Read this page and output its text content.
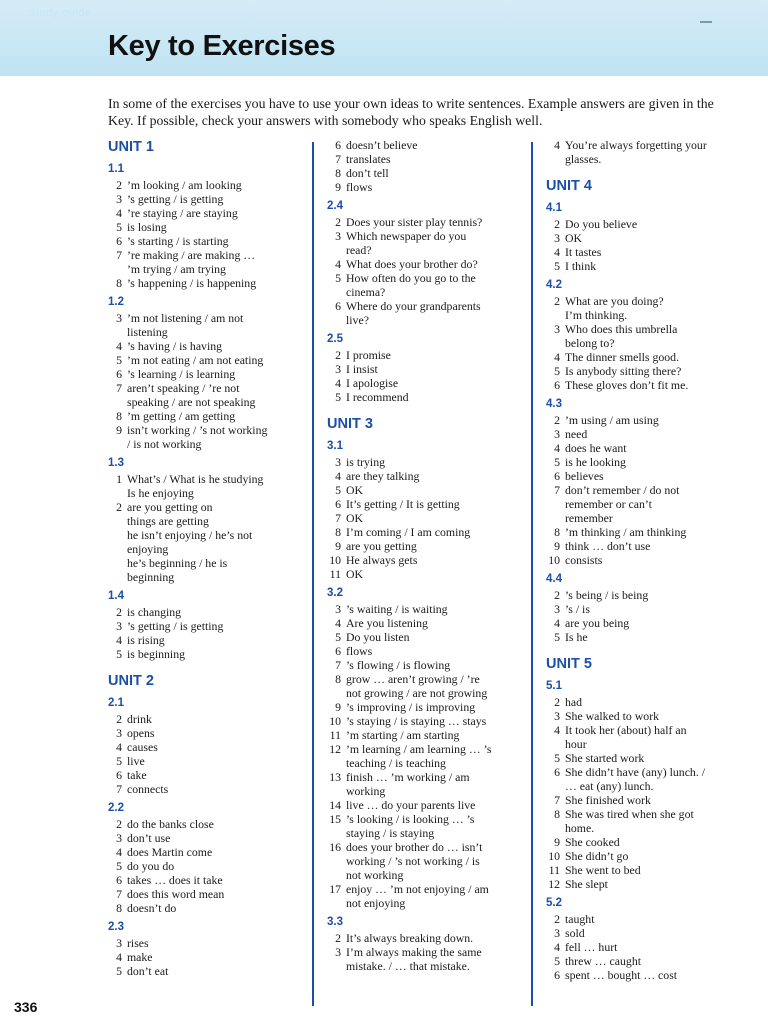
Study guide
Key to Exercises

In some of the exercises you have to use your own ideas to write sentences. Example answers are given in the Key. If possible, check your answers with somebody who speaks English well.

UNIT 1
1.1
2 ’m looking / am looking
3 ’s getting / is getting
4 ’re staying / are staying
5 is losing
6 ’s starting / is starting
7 ’re making / are making …
’m trying / am trying
8 ’s happening / is happening
1.2
3 ’m not listening / am not
listening
4 ’s having / is having
5 ’m not eating / am not eating
6 ’s learning / is learning
7 aren’t speaking / ’re not
speaking / are not speaking
8 ’m getting / am getting
9 isn’t working / ’s not working
/ is not working
1.3
1 What’s / What is he studying
Is he enjoying
2 are you getting on
things are getting
he isn’t enjoying / he’s not
enjoying
he’s beginning / he is
beginning
1.4
2 is changing
3 ’s getting / is getting
4 is rising
5 is beginning
UNIT 2
2.1
2 drink
3 opens
4 causes
5 live
6 take
7 connects
2.2
2 do the banks close
3 don’t use
4 does Martin come
5 do you do
6 takes … does it take
7 does this word mean
8 doesn’t do
2.3
3 rises
4 make
5 don’t eat
6 doesn’t believe
7 translates
8 don’t tell
9 flows
2.4
2 Does your sister play tennis?
3 Which newspaper do you
read?
4 What does your brother do?
5 How often do you go to the
cinema?
6 Where do your grandparents
live?
2.5
2 I promise
3 I insist
4 I apologise
5 I recommend
UNIT 3
3.1
3 is trying
4 are they talking
5 OK
6 It’s getting / It is getting
7 OK
8 I’m coming / I am coming
9 are you getting
10 He always gets
11 OK
3.2
3 ’s waiting / is waiting
4 Are you listening
5 Do you listen
6 flows
7 ’s flowing / is flowing
8 grow … aren’t growing / ’re
not growing / are not growing
9 ’s improving / is improving
10 ’s staying / is staying … stays
11 ’m starting / am starting
12 ’m learning / am learning … ’s
teaching / is teaching
13 finish … ’m working / am
working
14 live … do your parents live
15 ’s looking / is looking … ’s
staying / is staying
16 does your brother do … isn’t
working / ’s not working / is
not working
17 enjoy … ’m not enjoying / am
not enjoying
3.3
2 It’s always breaking down.
3 I’m always making the same
mistake. / … that mistake.
4 You’re always forgetting your
glasses.
UNIT 4
4.1
2 Do you believe
3 OK
4 It tastes
5 I think
4.2
2 What are you doing?
I’m thinking.
3 Who does this umbrella
belong to?
4 The dinner smells good.
5 Is anybody sitting there?
6 These gloves don’t fit me.
4.3
2 ’m using / am using
3 need
4 does he want
5 is he looking
6 believes
7 don’t remember / do not
remember or can’t
remember
8 ’m thinking / am thinking
9 think … don’t use
10 consists
4.4
2 ’s being / is being
3 ’s / is
4 are you being
5 Is he
UNIT 5
5.1
2 had
3 She walked to work
4 It took her (about) half an
hour
5 She started work
6 She didn’t have (any) lunch. /
… eat (any) lunch.
7 She finished work
8 She was tired when she got
home.
9 She cooked
10 She didn’t go
11 She went to bed
12 She slept
5.2
2 taught
3 sold
4 fell … hurt
5 threw … caught
6 spent … bought … cost
336
